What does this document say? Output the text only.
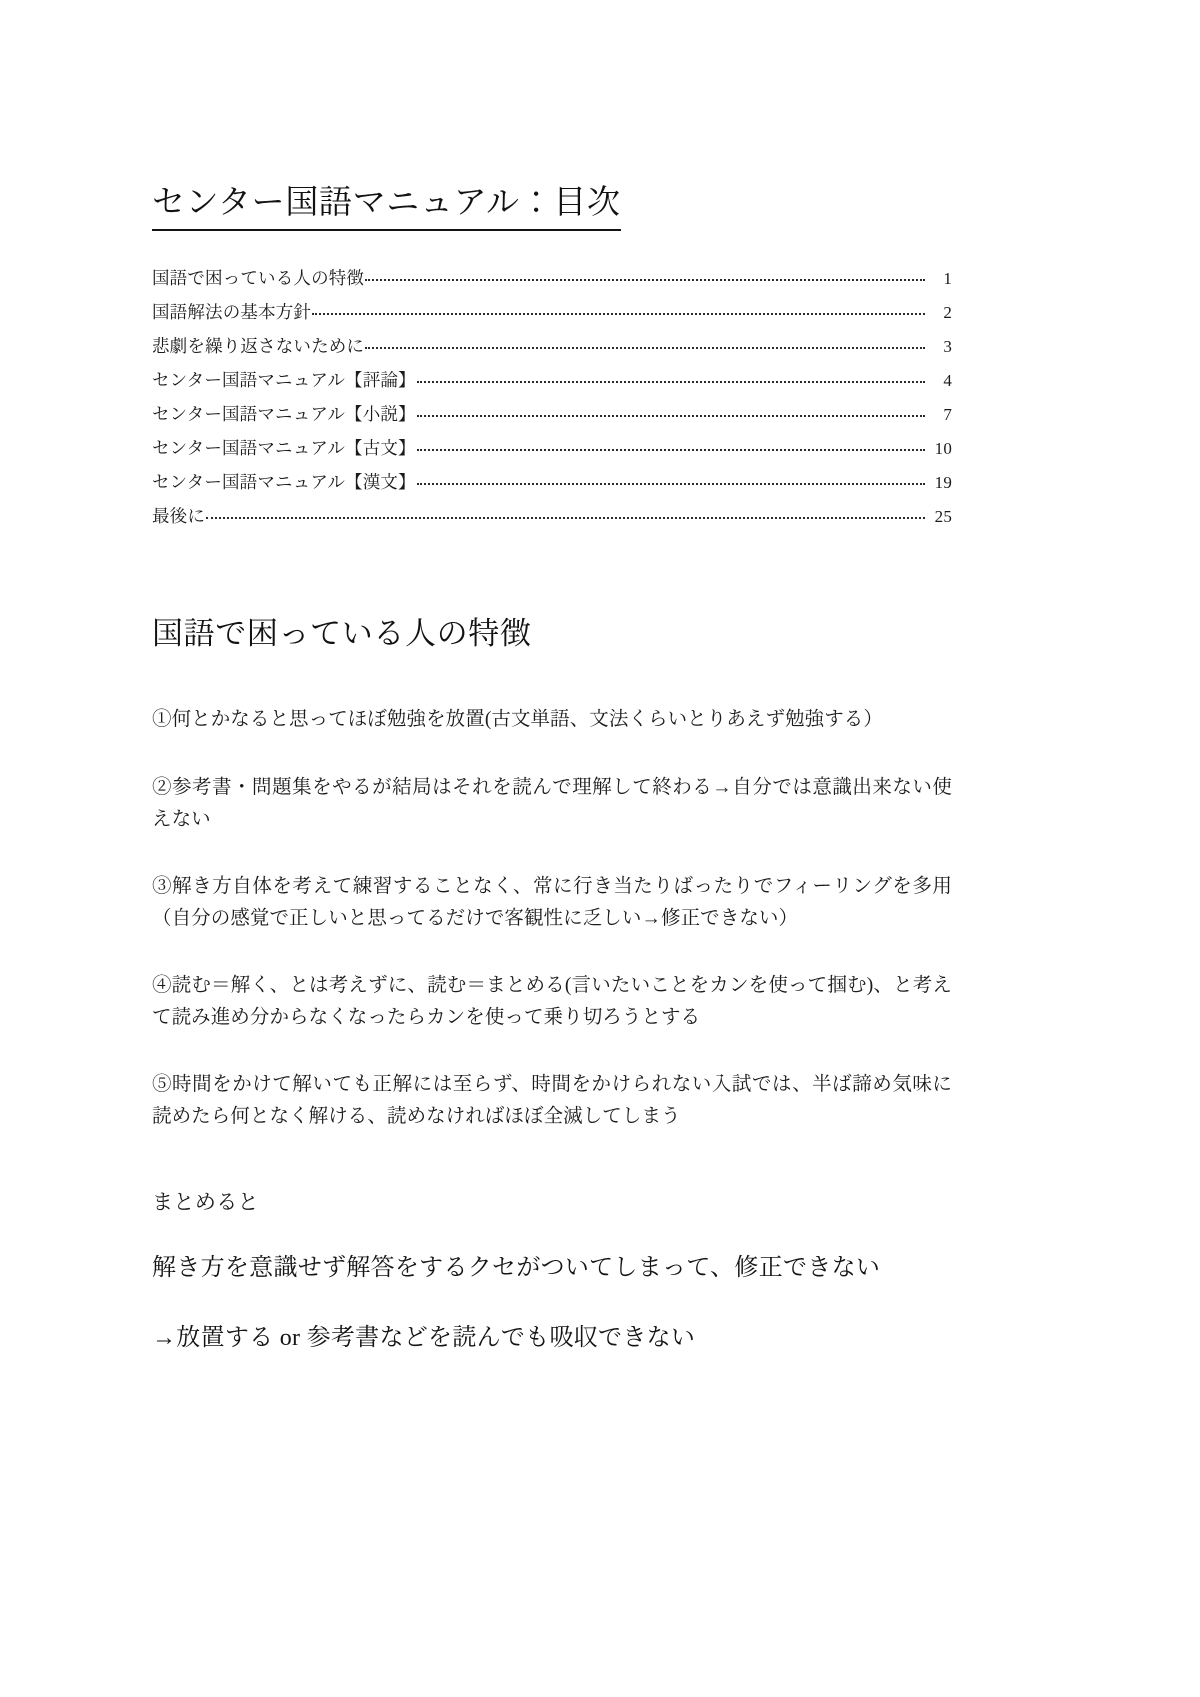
センター国語マニュアル：目次
国語で困っている人の特徴	1
国語解法の基本方針	2
悲劇を繰り返さないために	3
センター国語マニュアル【評論】	4
センター国語マニュアル【小説】	7
センター国語マニュアル【古文】	10
センター国語マニュアル【漢文】	19
最後に	25
国語で困っている人の特徴

①何とかなると思ってほぼ勉強を放置(古文単語、文法くらいとりあえず勉強する）

②参考書・問題集をやるが結局はそれを読んで理解して終わる→自分では意識出来ない使えない

③解き方自体を考えて練習することなく、常に行き当たりばったりでフィーリングを多用（自分の感覚で正しいと思ってるだけで客観性に乏しい→修正できない）

④読む＝解く、とは考えずに、読む＝まとめる(言いたいことをカンを使って掴む)、と考えて読み進め分からなくなったらカンを使って乗り切ろうとする

⑤時間をかけて解いても正解には至らず、時間をかけられない入試では、半ば諦め気味に読めたら何となく解ける、読めなければほぼ全滅してしまう

まとめると

解き方を意識せず解答をするクセがついてしまって、修正できない

→放置する or 参考書などを読んでも吸収できない
